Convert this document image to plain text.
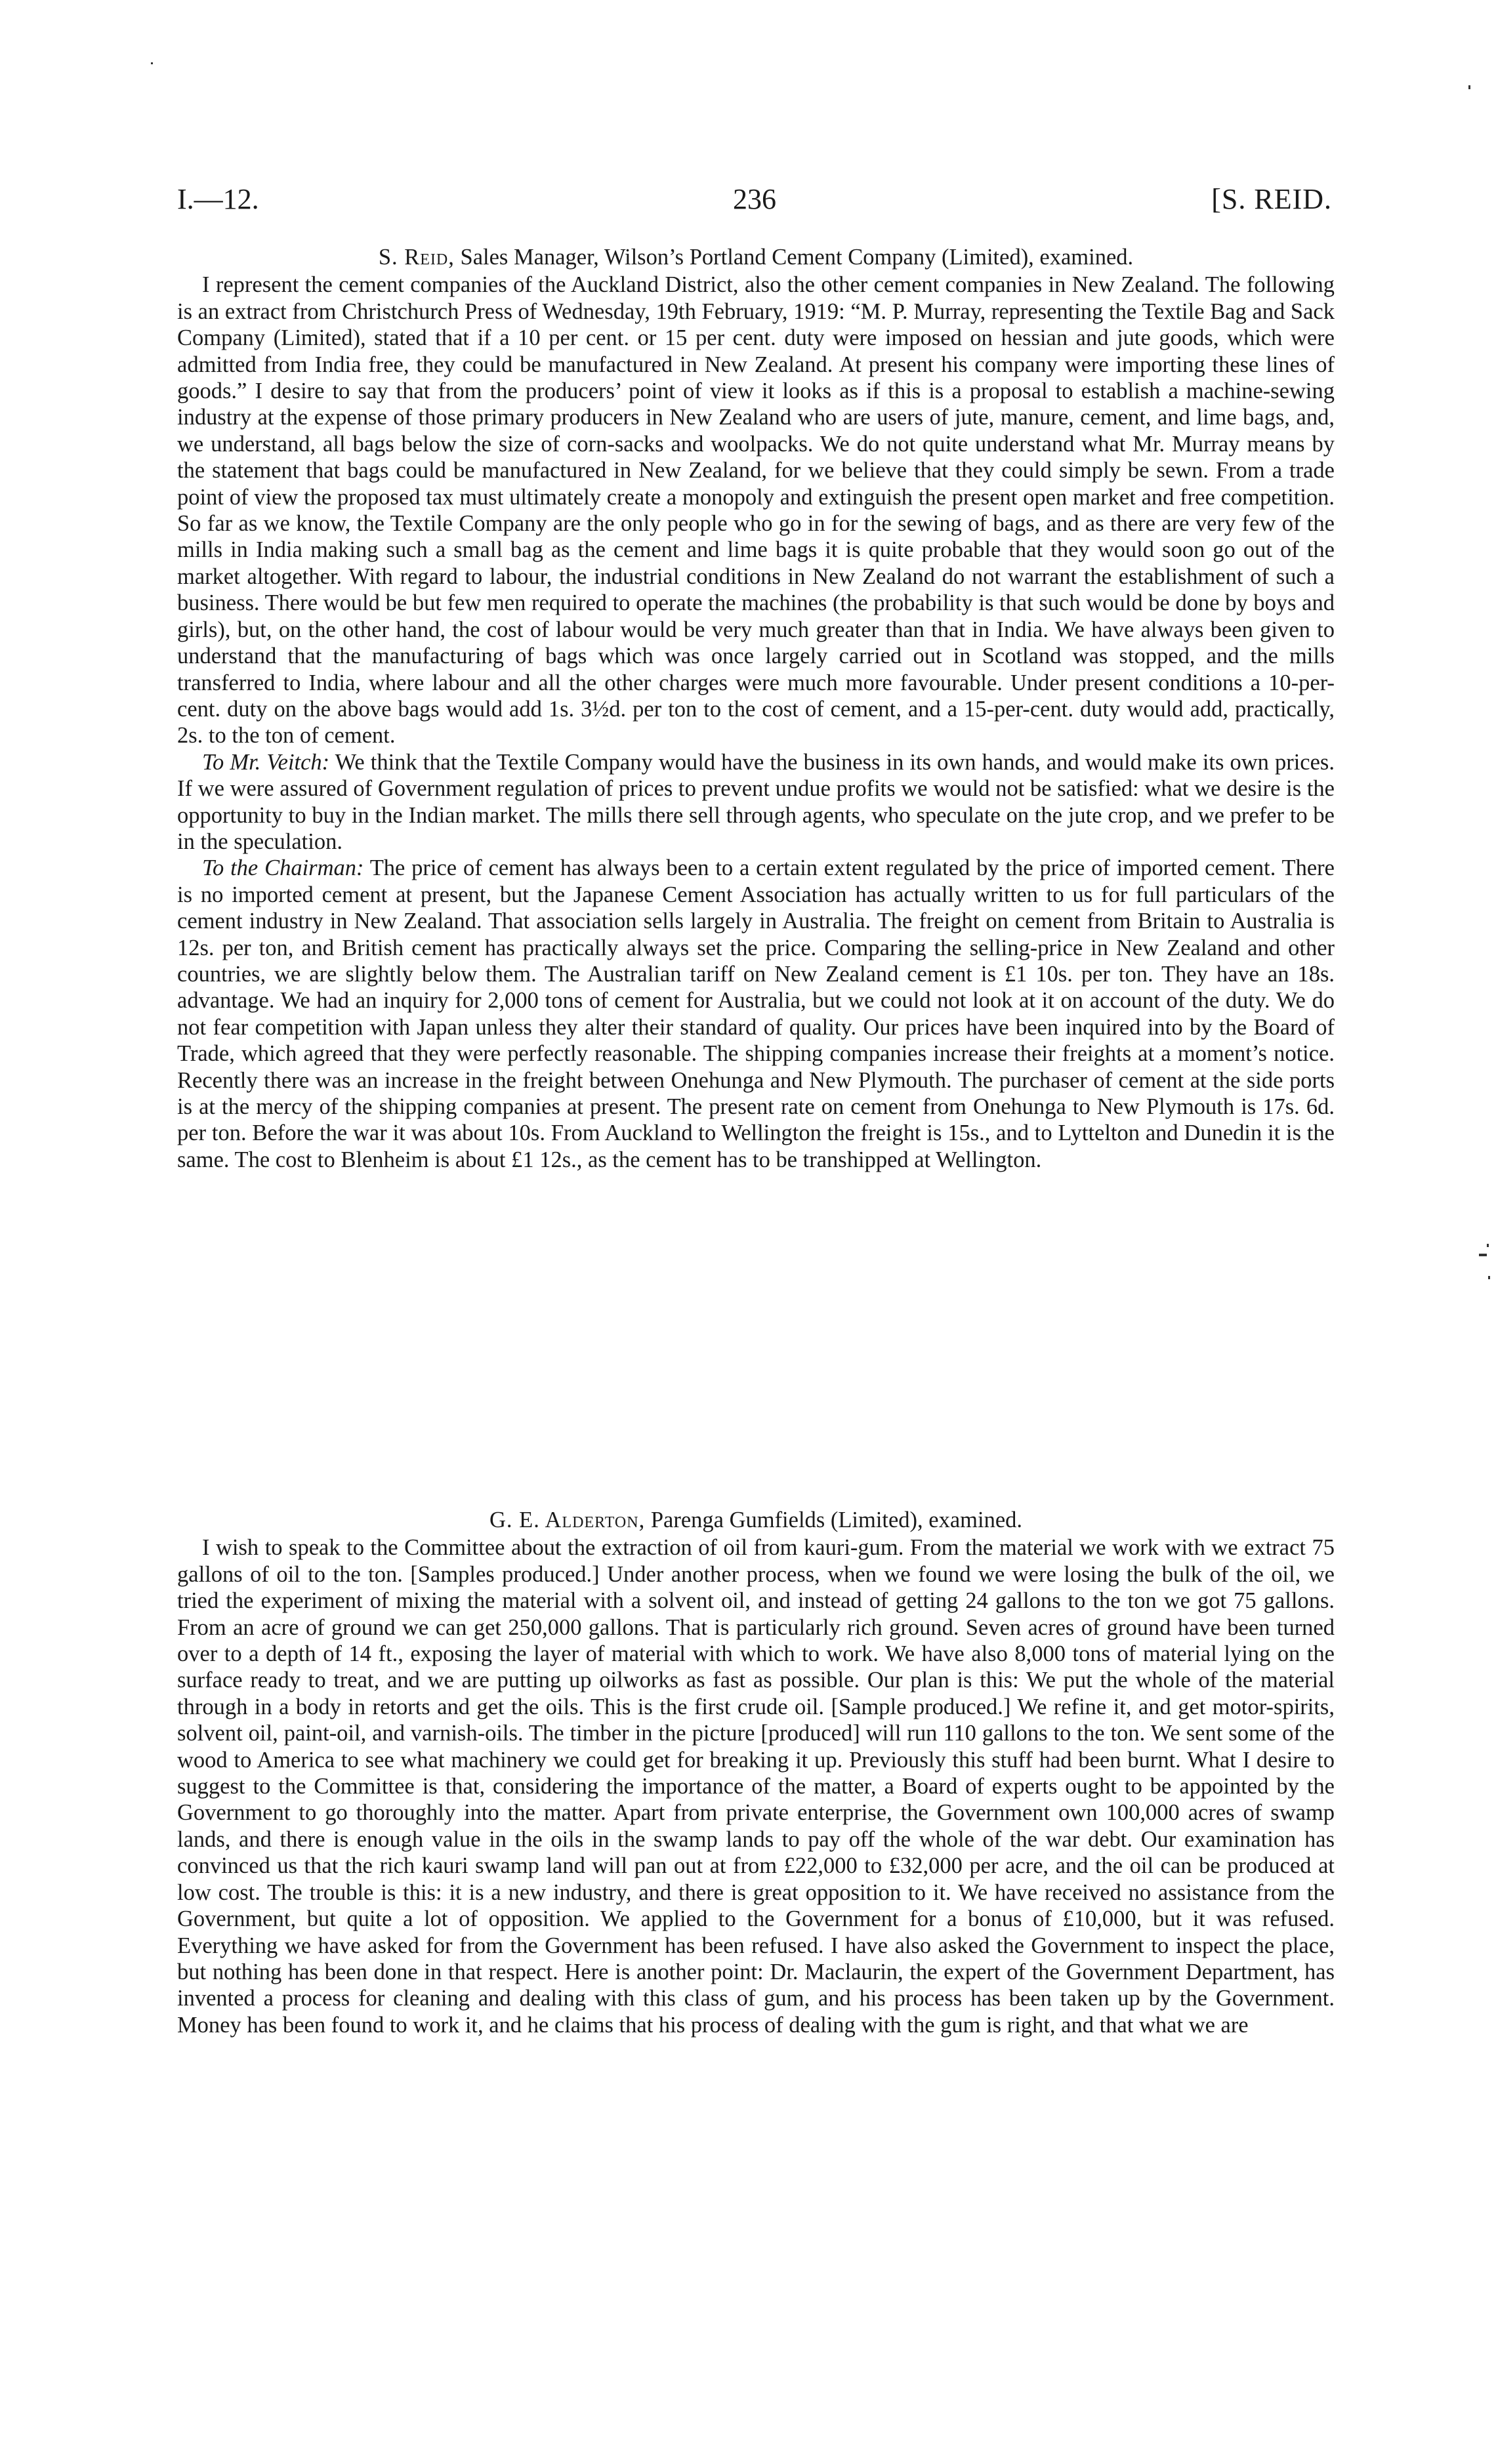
I.—12.	236	[S. REID.

S. Reid, Sales Manager, Wilson’s Portland Cement Company (Limited), examined.

I represent the cement companies of the Auckland District, also the other cement companies in New Zealand. The following is an extract from Christchurch Press of Wednesday, 19th February, 1919: “M. P. Murray, representing the Textile Bag and Sack Company (Limited), stated that if a 10 per cent. or 15 per cent. duty were imposed on hessian and jute goods, which were admitted from India free, they could be manufactured in New Zealand. At present his company were importing these lines of goods.” I desire to say that from the producers’ point of view it looks as if this is a proposal to establish a machine-sewing industry at the expense of those primary producers in New Zealand who are users of jute, manure, cement, and lime bags, and, we understand, all bags below the size of corn-sacks and woolpacks. We do not quite understand what Mr. Murray means by the statement that bags could be manufactured in New Zealand, for we believe that they could simply be sewn. From a trade point of view the proposed tax must ultimately create a monopoly and extinguish the present open market and free competition. So far as we know, the Textile Company are the only people who go in for the sewing of bags, and as there are very few of the mills in India making such a small bag as the cement and lime bags it is quite probable that they would soon go out of the market altogether. With regard to labour, the industrial conditions in New Zealand do not warrant the establishment of such a business. There would be but few men required to operate the machines (the probability is that such would be done by boys and girls), but, on the other hand, the cost of labour would be very much greater than that in India. We have always been given to understand that the manufacturing of bags which was once largely carried out in Scotland was stopped, and the mills transferred to India, where labour and all the other charges were much more favourable. Under present conditions a 10-per-cent. duty on the above bags would add 1s. 3½d. per ton to the cost of cement, and a 15-per-cent. duty would add, practically, 2s. to the ton of cement.

To Mr. Veitch: We think that the Textile Company would have the business in its own hands, and would make its own prices. If we were assured of Government regulation of prices to prevent undue profits we would not be satisfied: what we desire is the opportunity to buy in the Indian market. The mills there sell through agents, who speculate on the jute crop, and we prefer to be in the speculation.

To the Chairman: The price of cement has always been to a certain extent regulated by the price of imported cement. There is no imported cement at present, but the Japanese Cement Association has actually written to us for full particulars of the cement industry in New Zealand. That association sells largely in Australia. The freight on cement from Britain to Australia is 12s. per ton, and British cement has practically always set the price. Comparing the selling-price in New Zealand and other countries, we are slightly below them. The Australian tariff on New Zealand cement is £1 10s. per ton. They have an 18s. advantage. We had an inquiry for 2,000 tons of cement for Australia, but we could not look at it on account of the duty. We do not fear competition with Japan unless they alter their standard of quality. Our prices have been inquired into by the Board of Trade, which agreed that they were perfectly reasonable. The shipping companies increase their freights at a moment’s notice. Recently there was an increase in the freight between Onehunga and New Plymouth. The purchaser of cement at the side ports is at the mercy of the shipping companies at present. The present rate on cement from Onehunga to New Plymouth is 17s. 6d. per ton. Before the war it was about 10s. From Auckland to Wellington the freight is 15s., and to Lyttelton and Dunedin it is the same. The cost to Blenheim is about £1 12s., as the cement has to be transhipped at Wellington.

G. E. Alderton, Parenga Gumfields (Limited), examined.

I wish to speak to the Committee about the extraction of oil from kauri-gum. From the material we work with we extract 75 gallons of oil to the ton. [Samples produced.] Under another process, when we found we were losing the bulk of the oil, we tried the experiment of mixing the material with a solvent oil, and instead of getting 24 gallons to the ton we got 75 gallons. From an acre of ground we can get 250,000 gallons. That is particularly rich ground. Seven acres of ground have been turned over to a depth of 14 ft., exposing the layer of material with which to work. We have also 8,000 tons of material lying on the surface ready to treat, and we are putting up oilworks as fast as possible. Our plan is this: We put the whole of the material through in a body in retorts and get the oils. This is the first crude oil. [Sample produced.] We refine it, and get motor-spirits, solvent oil, paint-oil, and varnish-oils. The timber in the picture [produced] will run 110 gallons to the ton. We sent some of the wood to America to see what machinery we could get for breaking it up. Previously this stuff had been burnt. What I desire to suggest to the Committee is that, considering the importance of the matter, a Board of experts ought to be appointed by the Government to go thoroughly into the matter. Apart from private enterprise, the Government own 100,000 acres of swamp lands, and there is enough value in the oils in the swamp lands to pay off the whole of the war debt. Our examination has convinced us that the rich kauri swamp land will pan out at from £22,000 to £32,000 per acre, and the oil can be produced at low cost. The trouble is this: it is a new industry, and there is great opposition to it. We have received no assistance from the Government, but quite a lot of opposition. We applied to the Government for a bonus of £10,000, but it was refused. Everything we have asked for from the Government has been refused. I have also asked the Government to inspect the place, but nothing has been done in that respect. Here is another point: Dr. Maclaurin, the expert of the Government Department, has invented a process for cleaning and dealing with this class of gum, and his process has been taken up by the Government. Money has been found to work it, and he claims that his process of dealing with the gum is right, and that what we are
